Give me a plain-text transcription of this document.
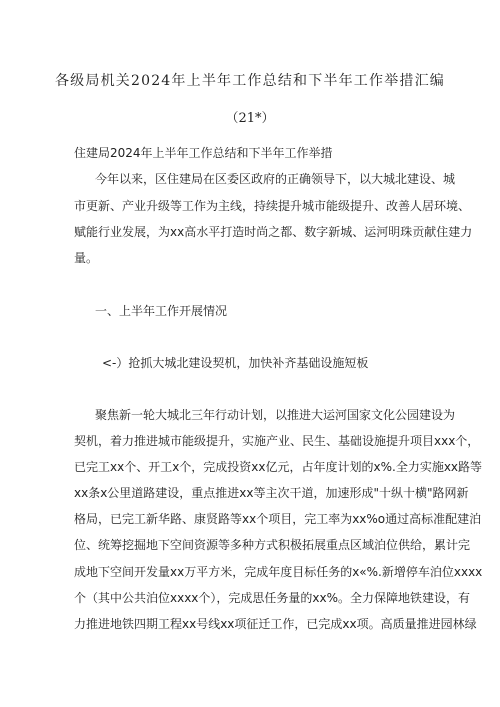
各级局机关2024年上半年工作总结和下半年工作举措汇编
（21*）
住建局2024年上半年工作总结和下半年工作举措
今年以来，区住建局在区委区政府的正确领导下，以大城北建设、城
市更新、产业升级等工作为主线，持续提升城市能级提升、改善人居环境、
赋能行业发展，为xx高水平打造时尚之都、数字新城、运河明珠贡献住建力
量。
一、上半年工作开展情况
<-）抢抓大城北建设契机，加快补齐基础设施短板
聚焦新一轮大城北三年行动计划，以推进大运河国家文化公园建设为
契机，着力推进城市能级提升，实施产业、民生、基础设施提升项目xxx个，
已完工xx个、开工x个，完成投资xx亿元，占年度计划的x%.全力实施xx路等
xx条x公里道路建设，重点推进xx等主次干道，加速形成"十纵十横"路网新
格局，已完工新华路、康贤路等xx个项目，完工率为xx%o通过高标准配建泊
位、统筹挖掘地下空间资源等多种方式积极拓展重点区域泊位供给，累计完
成地下空间开发量xx万平方米，完成年度目标任务的x«%.新增停车泊位xxxx
个（其中公共泊位xxxx个），完成思任务量的xx%。全力保障地铁建设，有
力推进地铁四期工程xx号线xx项征迁工作，已完成xx项。高质量推进园林绿
